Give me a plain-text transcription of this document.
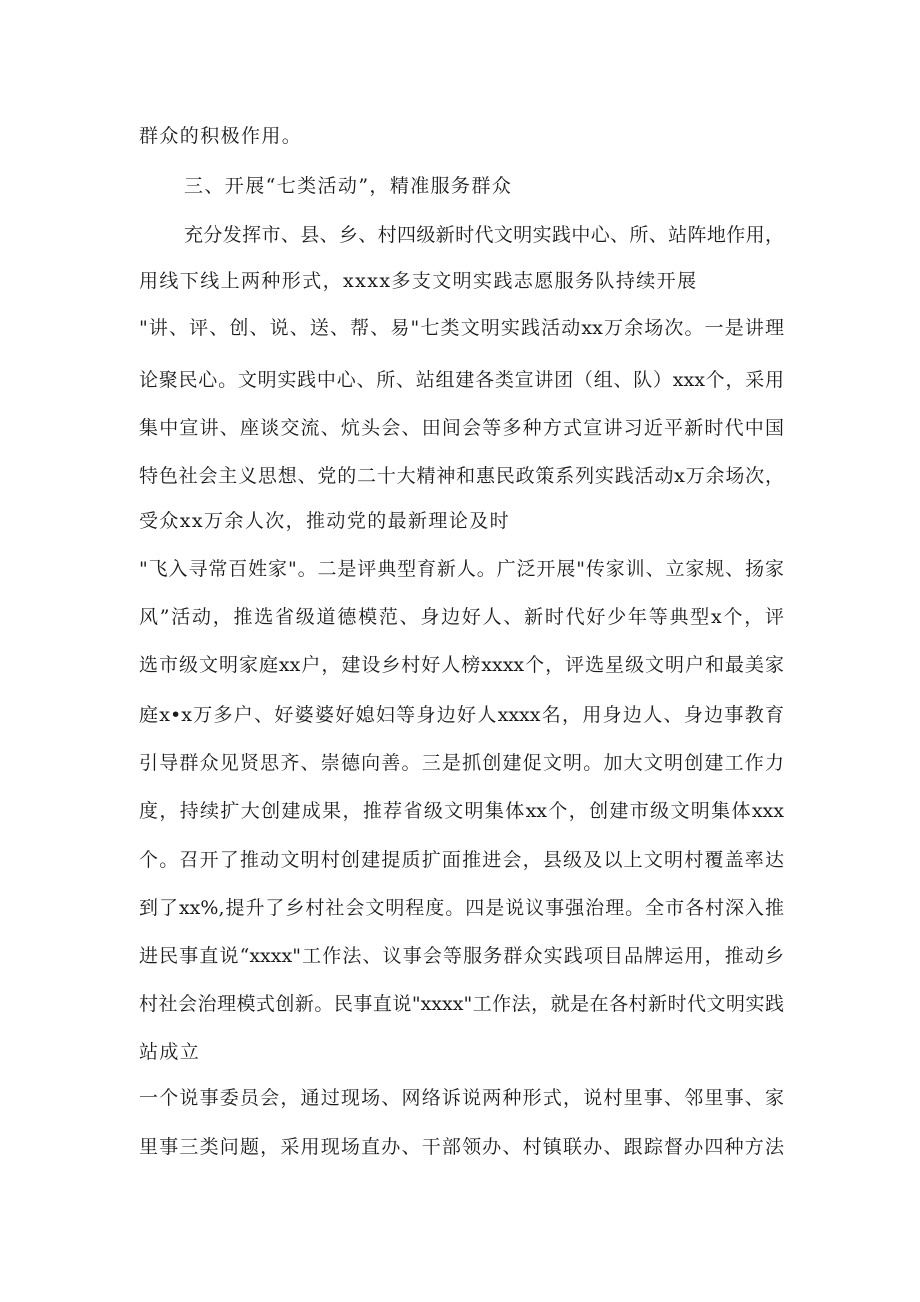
群众的积极作用。
三、开展“七类活动”，精准服务群众
充分发挥市、县、乡、村四级新时代文明实践中心、所、站阵地作用，
用线下线上两种形式，xxxx多支文明实践志愿服务队持续开展
"讲、评、创、说、送、帮、易"七类文明实践活动xx万余场次。一是讲理
论聚民心。文明实践中心、所、站组建各类宣讲团（组、队）xxx个，采用
集中宣讲、座谈交流、炕头会、田间会等多种方式宣讲习近平新时代中国
特色社会主义思想、党的二十大精神和惠民政策系列实践活动x万余场次，
受众xx万余人次，推动党的最新理论及时
"飞入寻常百姓家"。二是评典型育新人。广泛开展"传家训、立家规、扬家
风”活动，推选省级道德模范、身边好人、新时代好少年等典型x个，评
选市级文明家庭xx户，建设乡村好人榜xxxx个，评选星级文明户和最美家
庭x•x万多户、好婆婆好媳妇等身边好人xxxx名，用身边人、身边事教育
引导群众见贤思齐、崇德向善。三是抓创建促文明。加大文明创建工作力
度，持续扩大创建成果，推荐省级文明集体xx个，创建市级文明集体xxx
个。召开了推动文明村创建提质扩面推进会，县级及以上文明村覆盖率达
到了xx%,提升了乡村社会文明程度。四是说议事强治理。全市各村深入推
进民事直说“xxxx"工作法、议事会等服务群众实践项目品牌运用，推动乡
村社会治理模式创新。民事直说"xxxx"工作法，就是在各村新时代文明实践
站成立
一个说事委员会，通过现场、网络诉说两种形式，说村里事、邻里事、家
里事三类问题，采用现场直办、干部领办、村镇联办、跟踪督办四种方法
